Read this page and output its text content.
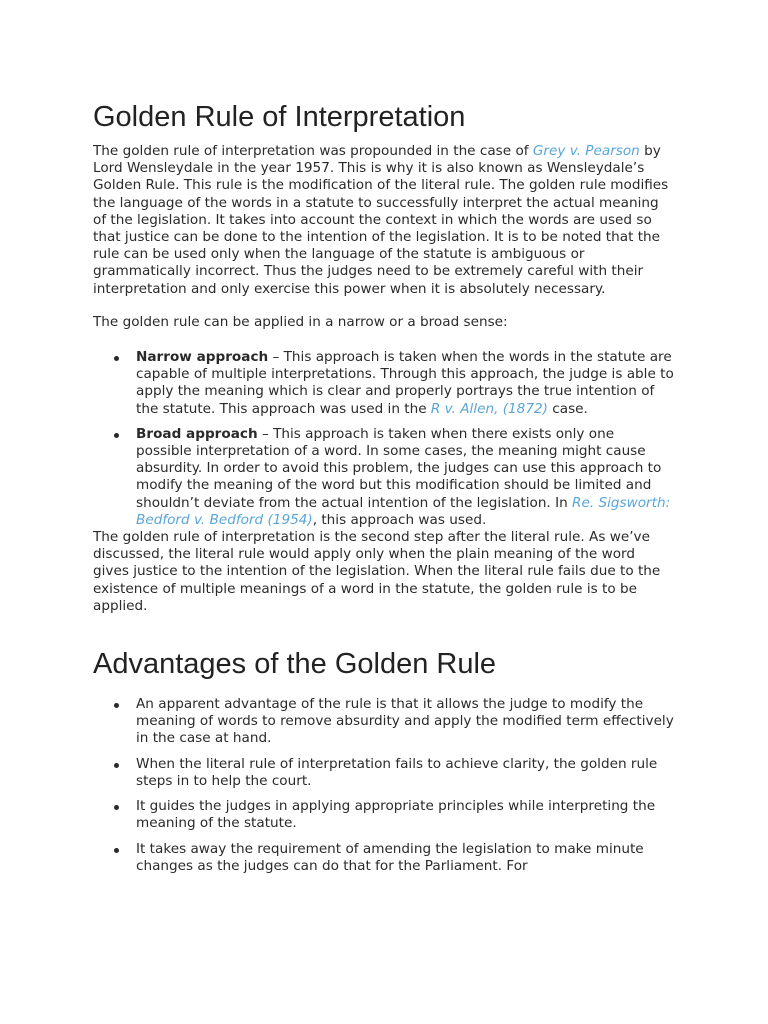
Golden Rule of Interpretation

The golden rule of interpretation was propounded in the case of Grey v. Pearson by Lord Wensleydale in the year 1957. This is why it is also known as Wensleydale’s Golden Rule. This rule is the modification of the literal rule. The golden rule modifies the language of the words in a statute to successfully interpret the actual meaning of the legislation. It takes into account the context in which the words are used so that justice can be done to the intention of the legislation. It is to be noted that the rule can be used only when the language of the statute is ambiguous or grammatically incorrect. Thus the judges need to be extremely careful with their interpretation and only exercise this power when it is absolutely necessary.

The golden rule can be applied in a narrow or a broad sense:

Narrow approach – This approach is taken when the words in the statute are capable of multiple interpretations. Through this approach, the judge is able to apply the meaning which is clear and properly portrays the true intention of the statute. This approach was used in the R v. Allen, (1872) case.
Broad approach – This approach is taken when there exists only one possible interpretation of a word. In some cases, the meaning might cause absurdity. In order to avoid this problem, the judges can use this approach to modify the meaning of the word but this modification should be limited and shouldn’t deviate from the actual intention of the legislation. In Re. Sigsworth: Bedford v. Bedford (1954), this approach was used.

The golden rule of interpretation is the second step after the literal rule. As we’ve discussed, the literal rule would apply only when the plain meaning of the word gives justice to the intention of the legislation. When the literal rule fails due to the existence of multiple meanings of a word in the statute, the golden rule is to be applied.

Advantages of the Golden Rule
An apparent advantage of the rule is that it allows the judge to modify the meaning of words to remove absurdity and apply the modified term effectively in the case at hand.
When the literal rule of interpretation fails to achieve clarity, the golden rule steps in to help the court.
It guides the judges in applying appropriate principles while interpreting the meaning of the statute.
It takes away the requirement of amending the legislation to make minute changes as the judges can do that for the Parliament. For
